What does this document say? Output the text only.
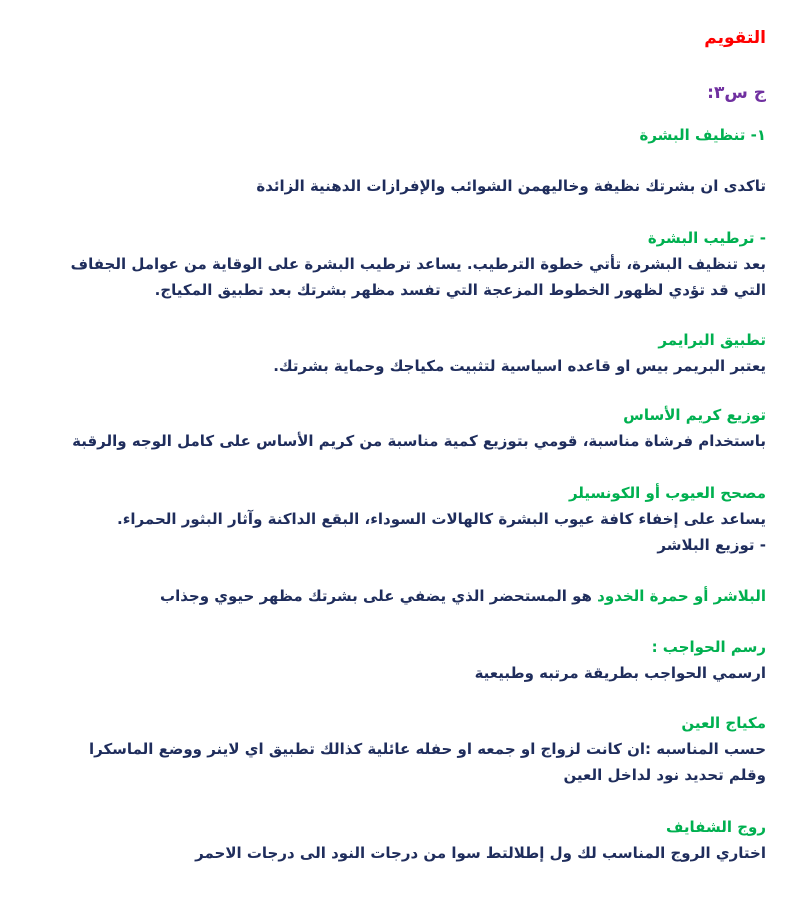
التقويم
ج س٣:
١- تنظيف البشرة
تاكدى ان بشرتك نظيفة وخاليهمن الشوائب والإفرازات الدهنية الزائدة
- ترطيب البشرة
بعد تنظيف البشرة، تأتي خطوة الترطيب. يساعد ترطيب البشرة على الوقاية من عوامل الجفاف
التي قد تؤدي لظهور الخطوط المزعجة التي تفسد مظهر بشرتك بعد تطبيق المكياج.
تطبيق البرايمر
يعتبر البريمر بيس او قاعده اسياسية لتثبيت مكياجك وحماية بشرتك.
توزيع كريم الأساس
باستخدام فرشاة مناسبة، قومي بتوزيع كمية مناسبة من كريم الأساس على كامل الوجه والرقبة
مصحح العيوب أو الكونسيلر
يساعد على إخفاء كافة عيوب البشرة كالهالات السوداء، البقع الداكنة وآثار البثور الحمراء.
- توزيع البلاشر
البلاشر أو حمرة الخدود هو المستحضر الذي يضفي على بشرتك مظهر حيوي وجذاب
رسم الحواجب :
ارسمي الحواجب بطريقة مرتبه وطبيعية
مكياج العين
حسب المناسبه :ان كانت لزواج او جمعه او حفله عائلية كذالك تطبيق اي لاينر ووضع الماسكرا
وقلم تحديد نود لداخل العين
روج الشفايف
اختاري الروج المناسب لك ول إطلالتط سوا من درجات النود الى درجات الاحمر
